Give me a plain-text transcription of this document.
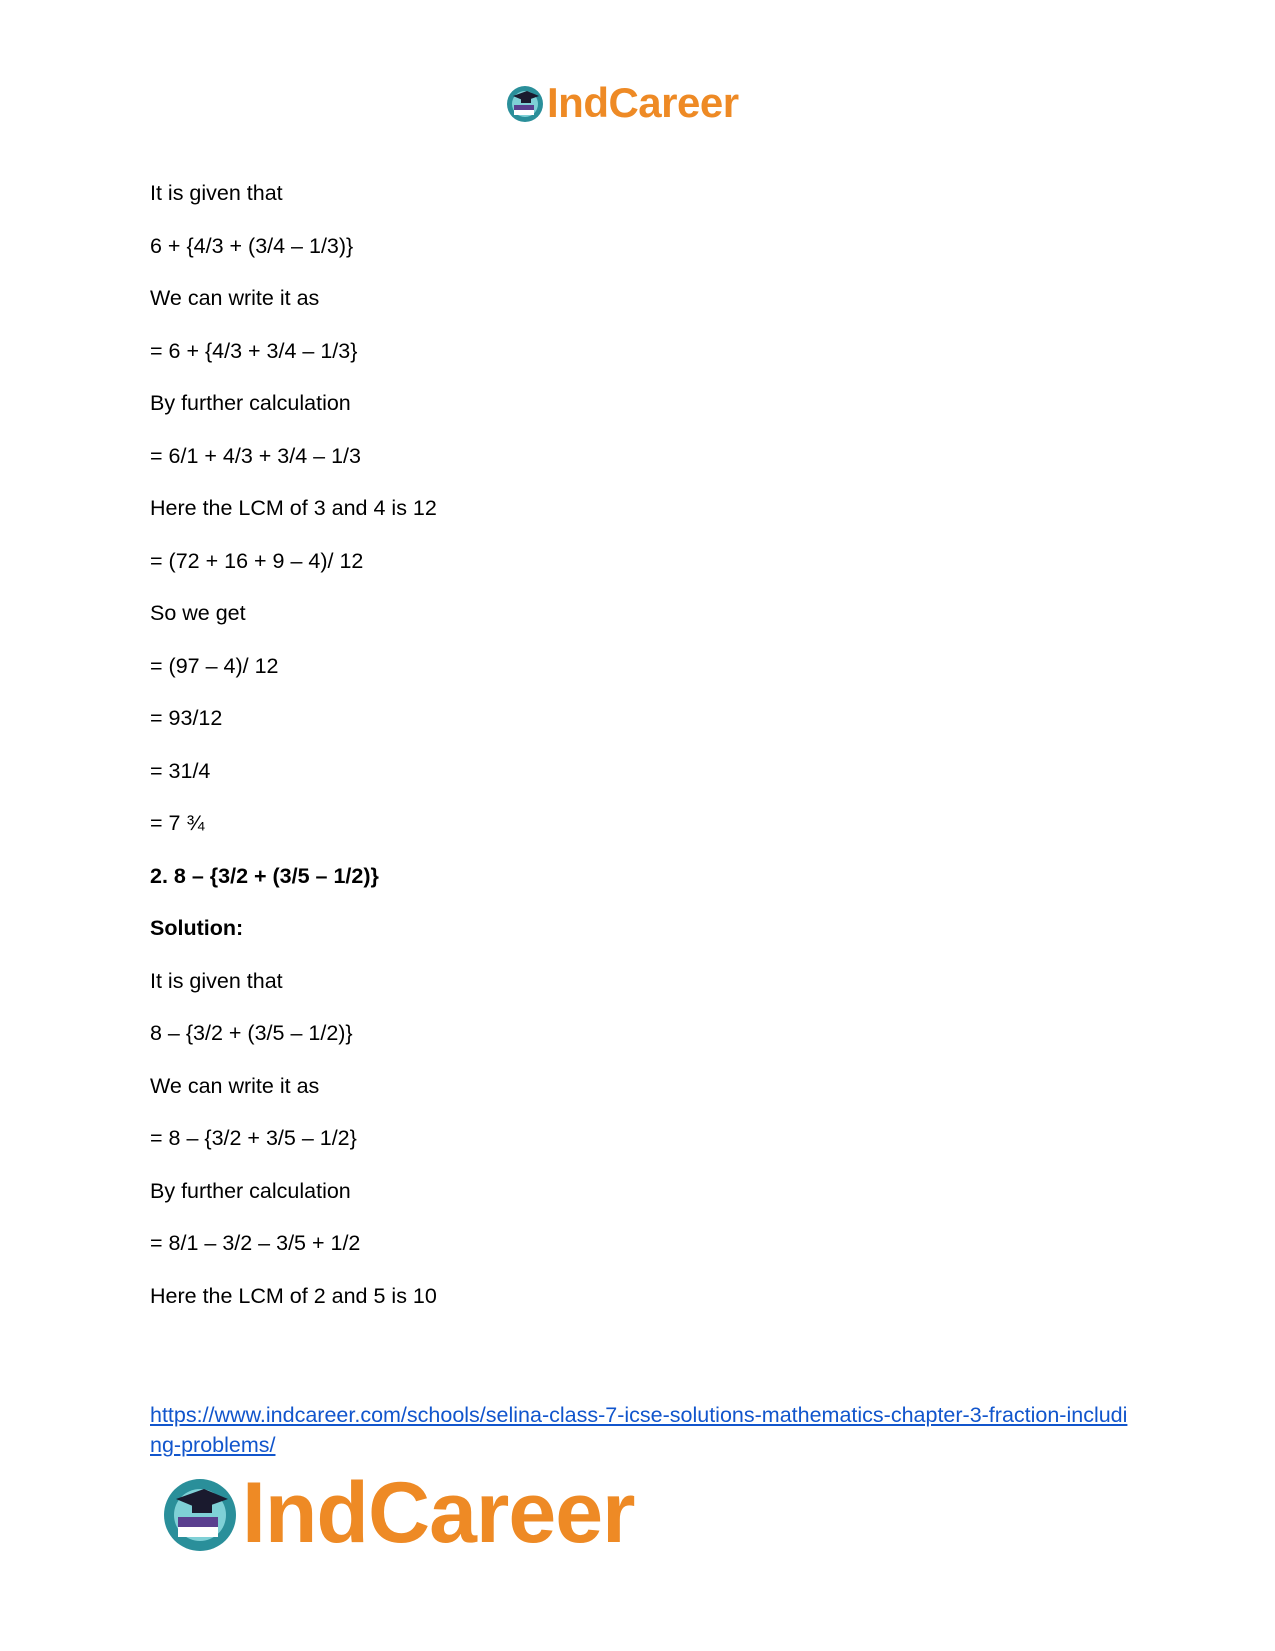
IndCareer
It is given that
6 + {4/3 + (3/4 – 1/3)}
We can write it as
= 6 + {4/3 + 3/4 – 1/3}
By further calculation
= 6/1 + 4/3 + 3/4 – 1/3
Here the LCM of 3 and 4 is 12
= (72 + 16 + 9 – 4)/ 12
So we get
= (97 – 4)/ 12
= 93/12
= 31/4
= 7 ¾
2. 8 – {3/2 + (3/5 – 1/2)}
Solution:
It is given that
8 – {3/2 + (3/5 – 1/2)}
We can write it as
= 8 – {3/2 + 3/5 – 1/2}
By further calculation
= 8/1 – 3/2 – 3/5 + 1/2
Here the LCM of 2 and 5 is 10
https://www.indcareer.com/schools/selina-class-7-icse-solutions-mathematics-chapter-3-fraction-including-problems/
IndCareer
